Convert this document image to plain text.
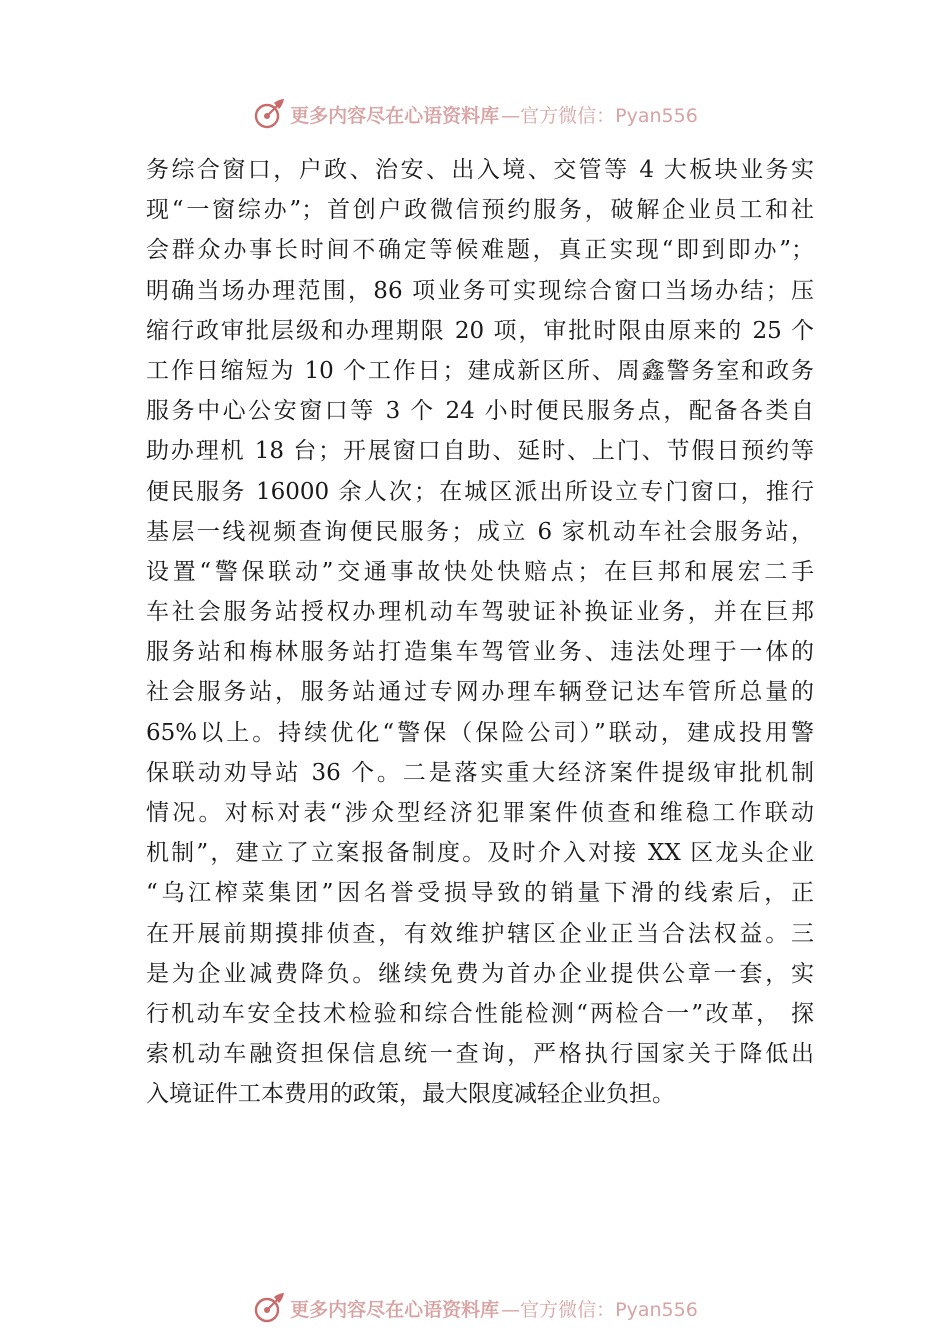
更多内容尽在心语资料库 —官方微信：Pyan556
务综合窗口，户政、治安、出入境、交管等 4 大板块业务实
现“一窗综办”；首创户政微信预约服务，破解企业员工和社
会群众办事长时间不确定等候难题，真正实现“即到即办”；
明确当场办理范围，86 项业务可实现综合窗口当场办结；压
缩行政审批层级和办理期限 20 项，审批时限由原来的 25 个
工作日缩短为 10 个工作日；建成新区所、周鑫警务室和政务
服务中心公安窗口等 3 个 24 小时便民服务点，配备各类自
助办理机 18 台；开展窗口自助、延时、上门、节假日预约等
便民服务 16000 余人次；在城区派出所设立专门窗口，推行
基层一线视频查询便民服务；成立 6 家机动车社会服务站，
设置“警保联动”交通事故快处快赔点；在巨邦和展宏二手
车社会服务站授权办理机动车驾驶证补换证业务，并在巨邦
服务站和梅林服务站打造集车驾管业务、违法处理于一体的
社会服务站，服务站通过专网办理车辆登记达车管所总量的
65%以上。持续优化“警保（保险公司）”联动，建成投用警
保联动劝导站 36 个。二是落实重大经济案件提级审批机制
情况。对标对表“涉众型经济犯罪案件侦查和维稳工作联动
机制”，建立了立案报备制度。及时介入对接 XX 区龙头企业
“乌江榨菜集团”因名誉受损导致的销量下滑的线索后，正
在开展前期摸排侦查，有效维护辖区企业正当合法权益。三
是为企业减费降负。继续免费为首办企业提供公章一套，实
行机动车安全技术检验和综合性能检测“两检合一”改革， 探
索机动车融资担保信息统一查询，严格执行国家关于降低出
入境证件工本费用的政策，最大限度减轻企业负担。
更多内容尽在心语资料库 —官方微信：Pyan556
